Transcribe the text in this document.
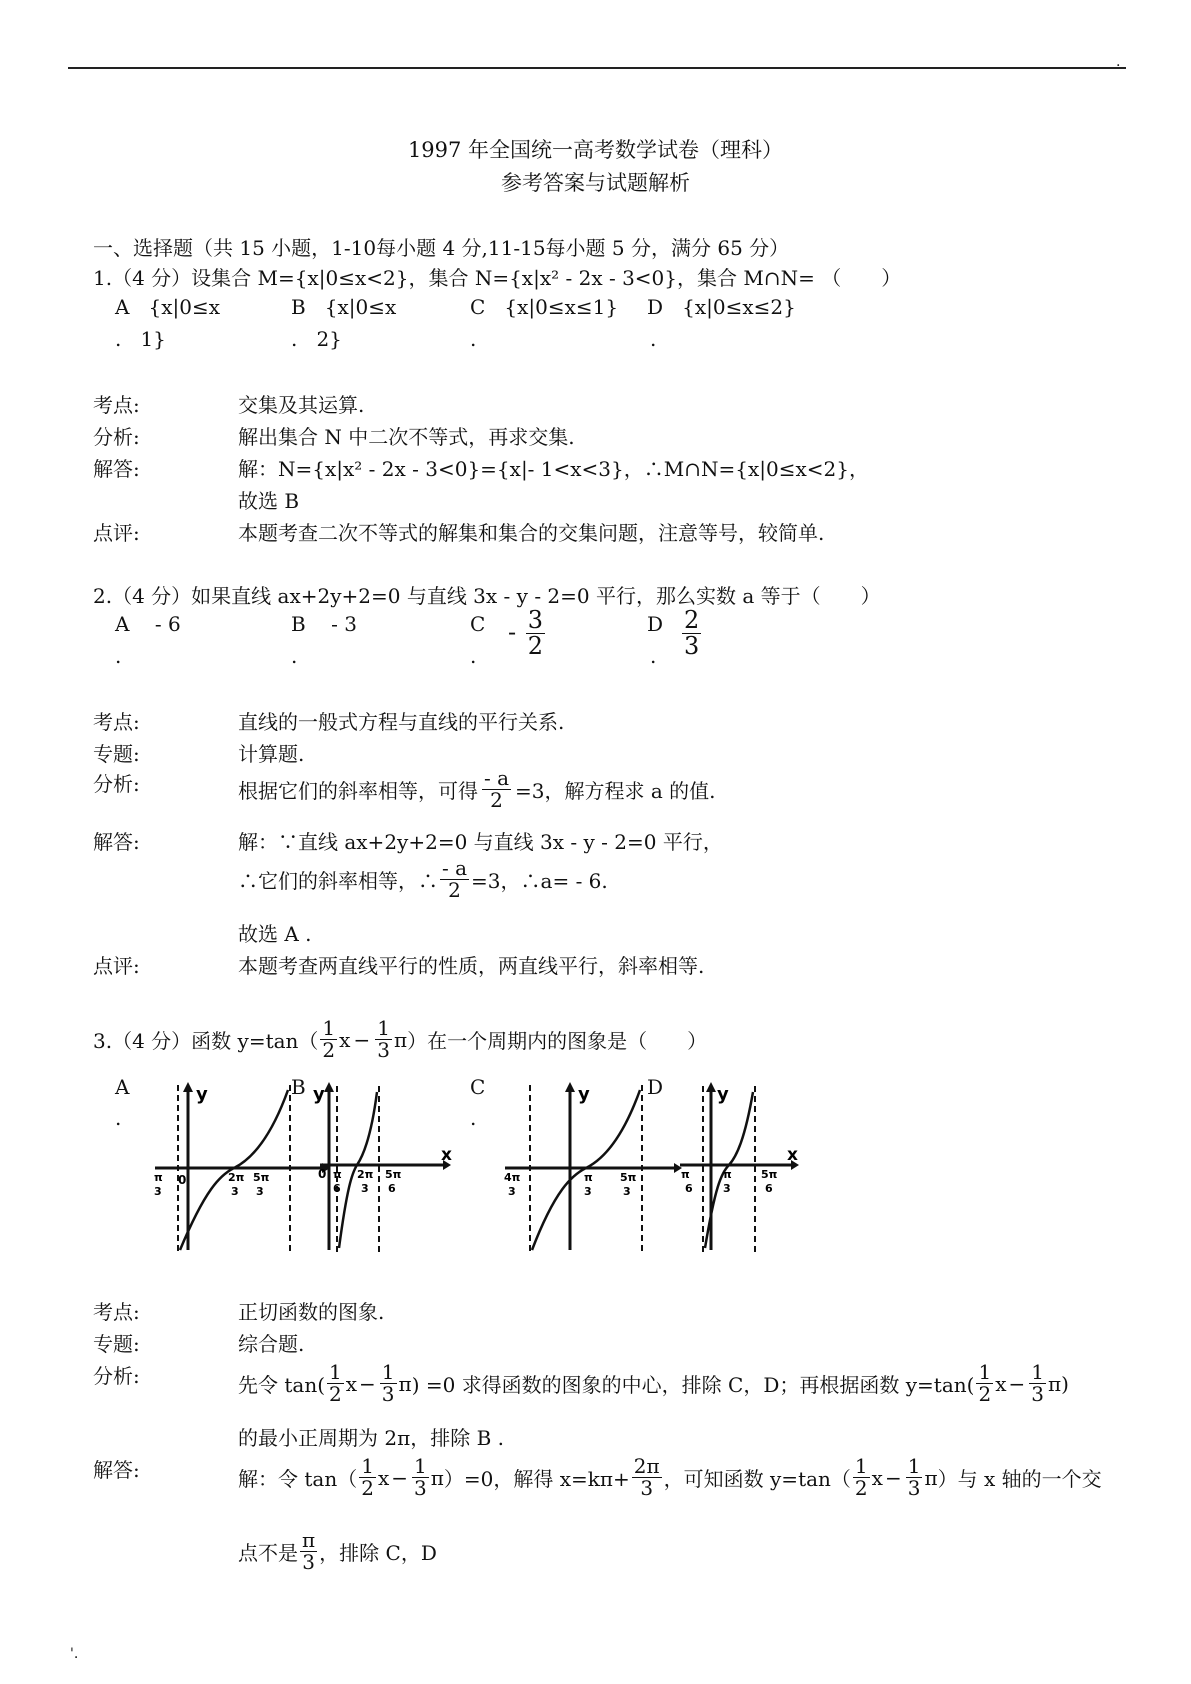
.
'.
1997 年全国统一高考数学试卷（理科）
参考答案与试题解析
一、选择题（共 15 小题，1-10每小题 4 分,11-15每小题 5 分，满分 65 分）
1.（4 分）设集合 M={x|0≤x<2}，集合 N={x|x² - 2x - 3<0}，集合 M∩N= （　　）
A {x|0≤x
. 1}
B {x|0≤x
. 2}
C {x|0≤x≤1}
.
D {x|0≤x≤2}
.
考点:	交集及其运算.
分析:	解出集合 N 中二次不等式，再求交集.
解答:	解：N={x|x² - 2x - 3<0}={x|- 1<x<3}，∴M∩N={x|0≤x<2}，
故选 B
点评:	本题考查二次不等式的解集和集合的交集问题，注意等号，较简单.
2.（4 分）如果直线 ax+2y+2=0 与直线 3x - y - 2=0 平行，那么实数 a 等于（　　）
A - 6
.
B - 3
.
C
.
- $\frac{3}{2}$	D
. $\frac{2}{3}$
考点:	直线的一般式方程与直线的平行关系.
专题:	计算题.
分析:	根据它们的斜率相等，可得 $\frac{- a}{2} =3$，解方程求 a 的值.
解答:	解：∵直线 ax+2y+2=0 与直线 3x - y - 2=0 平行，
∴它们的斜率相等，∴ $\frac{- a}{2} =3$，∴a= - 6.
故选 A .
点评:	本题考查两直线平行的性质，两直线平行，斜率相等.
3.（4 分）函数 $y=\tan( \frac{1}{2}$ $x - \frac{1}{3}$ π ）在一个周期内的图象是（　　）
A
.
B	C
.
D
y
0
π
3
2π
3
5π
3
x
y
0 π
6
2π
3
5π
6
y
4π
3
π
3
5π
3
x
y
π
6
π
3
5π
6
考点:	正切函数的图象.
专题:	综合题.
分析:	先令 $\tan( \frac{1}{2}$ $x - \frac{1}{3}$ π ) =0 求得函数的图象的中心，排除 C，D；再根据函数 $y=\tan( \frac{1}{2}$ $x - \frac{1}{3}$ π )
的最小正周期为 2π，排除 B .
解答:	解：令 $\tan( \frac{1}{2}$ $x - \frac{1}{3}$ π ）=0，解得 $x=k\pi+ \frac{2\pi}{3}$ ，可知函数 $y=\tan( \frac{1}{2}$ $x - \frac{1}{3}$ π ）与 x 轴的一个交
点不是 $\frac{\pi}{3}$ ，排除 C，D
